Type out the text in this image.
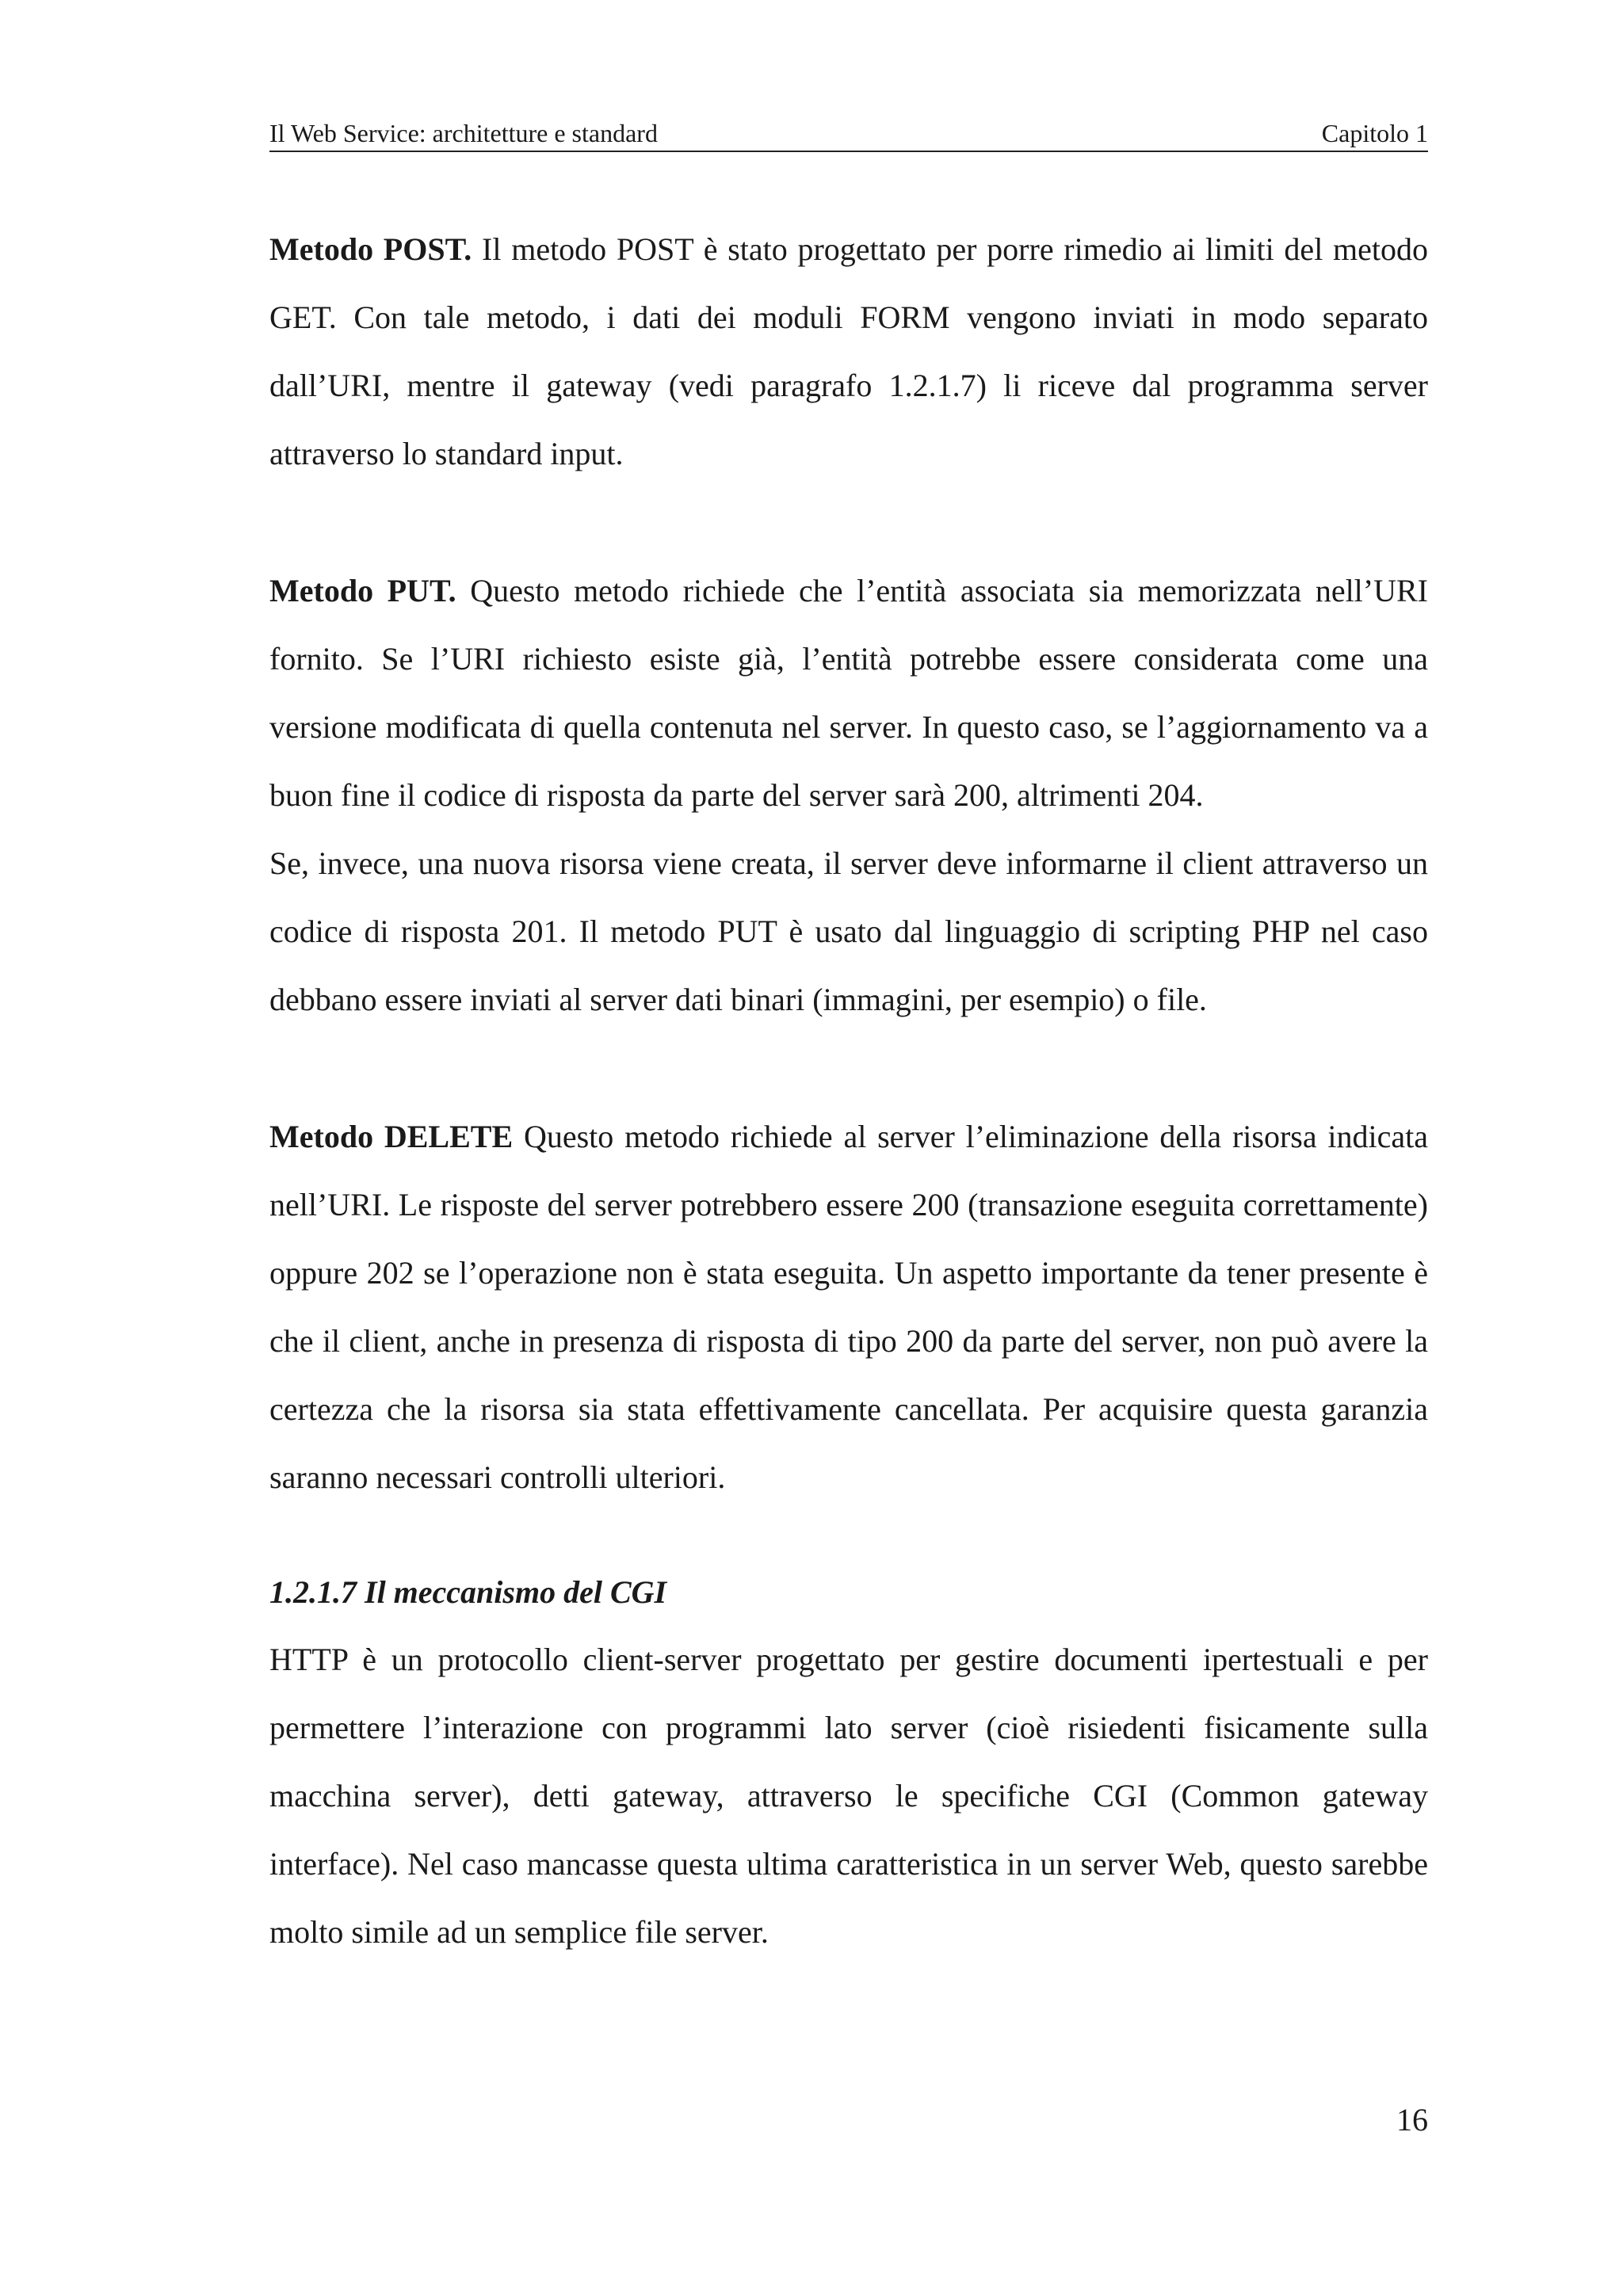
Il Web Service: architetture e standard	Capitolo 1

Metodo POST. Il metodo POST è stato progettato per porre rimedio ai limiti del metodo GET. Con tale metodo, i dati dei moduli FORM vengono inviati in modo separato dall’URI, mentre il gateway (vedi paragrafo 1.2.1.7) li riceve dal programma server attraverso lo standard input.

Metodo PUT. Questo metodo richiede che l’entità associata sia memorizzata nell’URI fornito. Se l’URI richiesto esiste già, l’entità potrebbe essere considerata come una versione modificata di quella contenuta nel server. In questo caso, se l’aggiornamento va a buon fine il codice di risposta da parte del server sarà 200, altrimenti 204.

Se, invece, una nuova risorsa viene creata, il server deve informarne il client attraverso un codice di risposta 201. Il metodo PUT è usato dal linguaggio di scripting PHP nel caso debbano essere inviati al server dati binari (immagini, per esempio) o file.

Metodo DELETE Questo metodo richiede al server l’eliminazione della risorsa indicata nell’URI. Le risposte del server potrebbero essere 200 (transazione eseguita correttamente) oppure 202 se l’operazione non è stata eseguita. Un aspetto importante da tener presente è che il client, anche in presenza di risposta di tipo 200 da parte del server, non può avere la certezza che la risorsa sia stata effettivamente cancellata. Per acquisire questa garanzia saranno necessari controlli ulteriori.

1.2.1.7 Il meccanismo del CGI

HTTP è un protocollo client-server progettato per gestire documenti ipertestuali e per permettere l’interazione con programmi lato server (cioè risiedenti fisicamente sulla macchina server), detti gateway, attraverso le specifiche CGI (Common gateway interface). Nel caso mancasse questa ultima caratteristica in un server Web, questo sarebbe molto simile ad un semplice file server.

16
